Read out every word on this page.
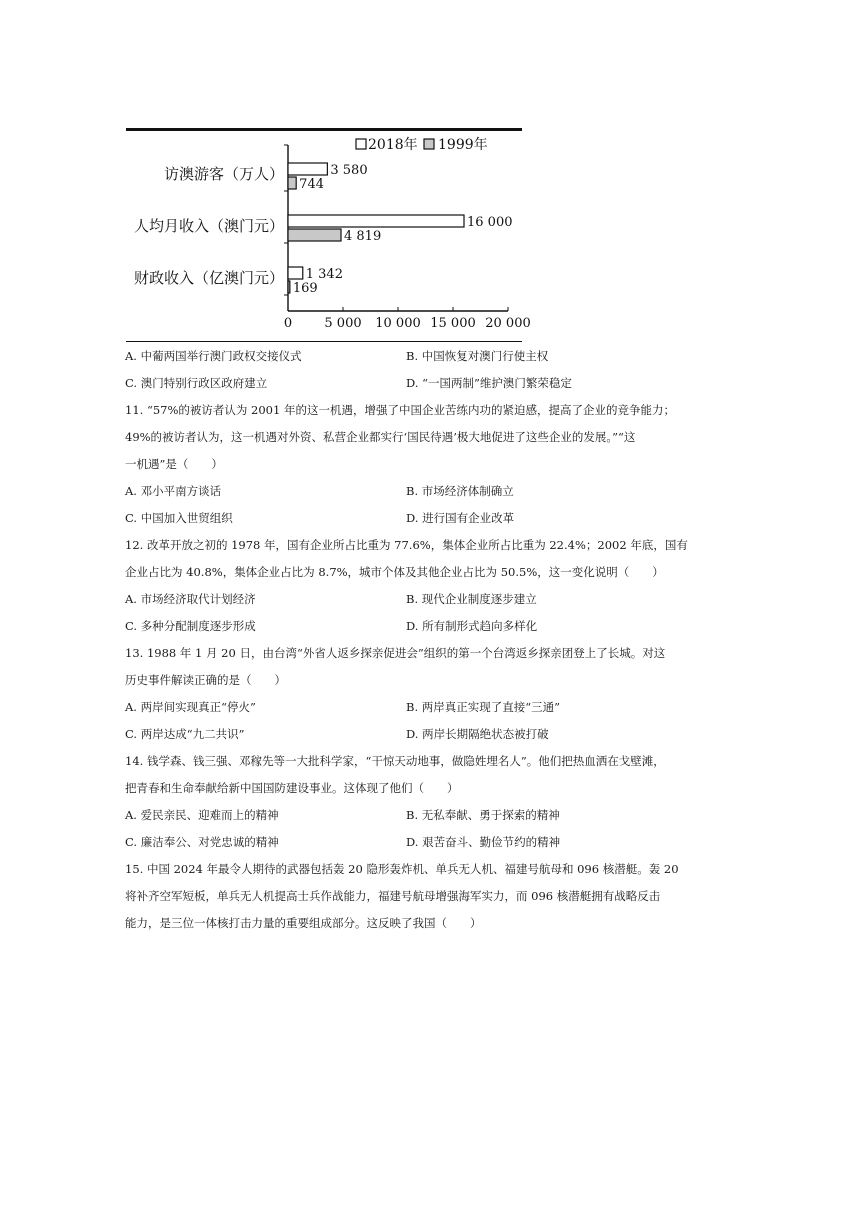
0 5 000 10 000 15 000 20 000
访澳游客（万人）	3 580
744
人均月收入（澳门元）	16 000
4 819
财政收入（亿澳门元） 1 342
169
2018年 1999年
A. 中葡两国举行澳门政权交接仪式	B. 中国恢复对澳门行使主权
C. 澳门特别行政区政府建立	D. “一国两制”维护澳门繁荣稳定
11. “57%的被访者认为 2001 年的这一机遇，增强了中国企业苦练内功的紧迫感，提高了企业的竞争能力；
49%的被访者认为，这一机遇对外资、私营企业都实行‘国民待遇’极大地促进了这些企业的发展。”“这
一机遇”是（　　）
A. 邓小平南方谈话	B. 市场经济体制确立
C. 中国加入世贸组织	D. 进行国有企业改革
12. 改革开放之初的 1978 年，国有企业所占比重为 77.6%，集体企业所占比重为 22.4%；2002 年底，国有
企业占比为 40.8%，集体企业占比为 8.7%，城市个体及其他企业占比为 50.5%，这一变化说明（　　）
A. 市场经济取代计划经济	B. 现代企业制度逐步建立
C. 多种分配制度逐步形成	D. 所有制形式趋向多样化
13. 1988 年 1 月 20 日，由台湾“外省人返乡探亲促进会”组织的第一个台湾返乡探亲团登上了长城。对这
历史事件解读正确的是（　　）
A. 两岸间实现真正“停火”	B. 两岸真正实现了直接“三通”
C. 两岸达成“九二共识”	D. 两岸长期隔绝状态被打破
14. 钱学森、钱三强、邓稼先等一大批科学家，“干惊天动地事，做隐姓埋名人”。他们把热血洒在戈壁滩，
把青春和生命奉献给新中国国防建设事业。这体现了他们（　　）
A. 爱民亲民、迎难而上的精神	B. 无私奉献、勇于探索的精神
C. 廉洁奉公、对党忠诚的精神	D. 艰苦奋斗、勤俭节约的精神
15. 中国 2024 年最令人期待的武器包括轰 20 隐形轰炸机、单兵无人机、福建号航母和 096 核潜艇。轰 20
将补齐空军短板，单兵无人机提高士兵作战能力，福建号航母增强海军实力，而 096 核潜艇拥有战略反击
能力，是三位一体核打击力量的重要组成部分。这反映了我国（　　）
